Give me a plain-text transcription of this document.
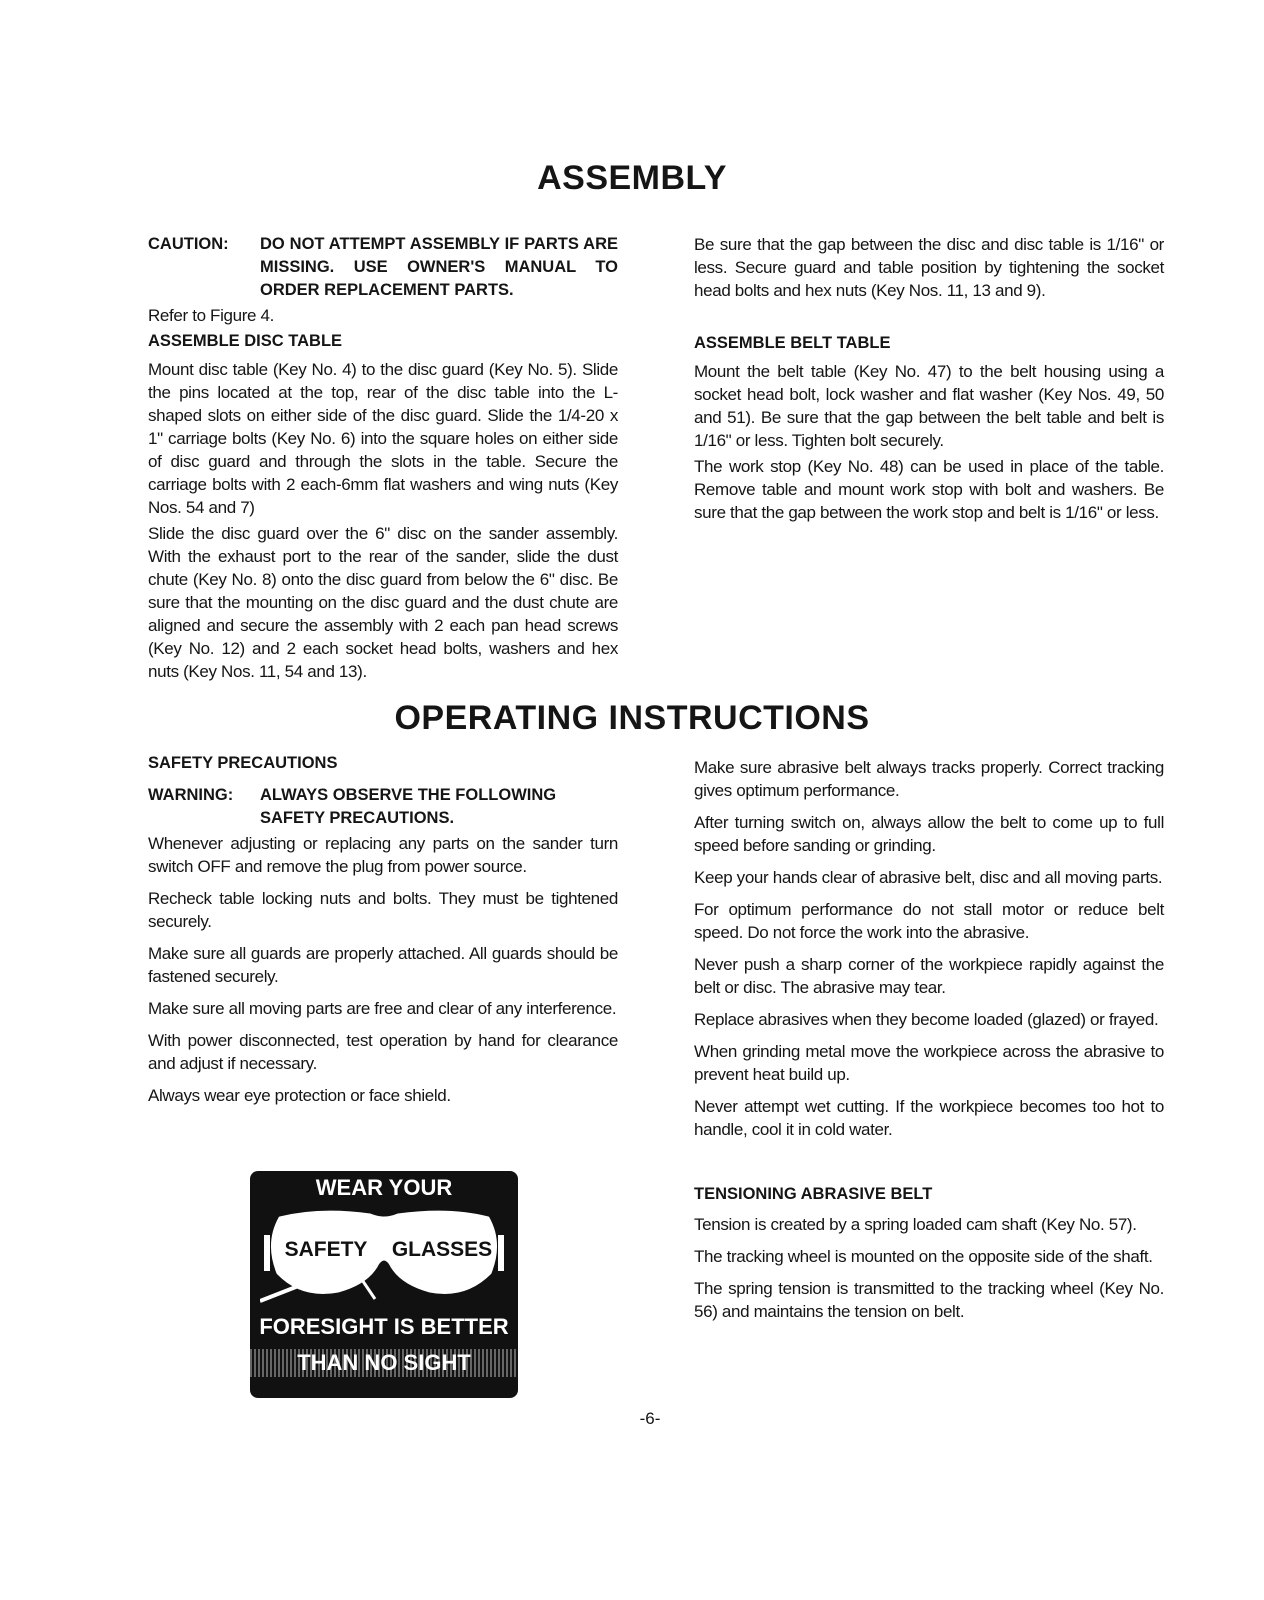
ASSEMBLY
CAUTION:	DO NOT ATTEMPT ASSEMBLY IF PARTS ARE MISSING. USE OWNER'S MANUAL TO ORDER REPLACEMENT PARTS.

Refer to Figure 4.

ASSEMBLE DISC TABLE

Mount disc table (Key No. 4) to the disc guard (Key No. 5). Slide the pins located at the top, rear of the disc table into the L-shaped slots on either side of the disc guard. Slide the 1/4-20 x 1" carriage bolts (Key No. 6) into the square holes on either side of disc guard and through the slots in the table. Secure the carriage bolts with 2 each-6mm flat washers and wing nuts (Key Nos. 54 and 7)

Slide the disc guard over the 6" disc on the sander assembly. With the exhaust port to the rear of the sander, slide the dust chute (Key No. 8) onto the disc guard from below the 6" disc. Be sure that the mounting on the disc guard and the dust chute are aligned and secure the assembly with 2 each pan head screws (Key No. 12) and 2 each socket head bolts, washers and hex nuts (Key Nos. 11, 54 and 13).

Be sure that the gap between the disc and disc table is 1/16" or less. Secure guard and table position by tightening the socket head bolts and hex nuts (Key Nos. 11, 13 and 9).

ASSEMBLE BELT TABLE

Mount the belt table (Key No. 47) to the belt housing using a socket head bolt, lock washer and flat washer (Key Nos. 49, 50 and 51). Be sure that the gap between the belt table and belt is 1/16" or less. Tighten bolt securely.

The work stop (Key No. 48) can be used in place of the table. Remove table and mount work stop with bolt and washers. Be sure that the gap between the work stop and belt is 1/16" or less.

OPERATING INSTRUCTIONS
SAFETY PRECAUTIONS
WARNING:	ALWAYS OBSERVE THE FOLLOWING SAFETY PRECAUTIONS.

Whenever adjusting or replacing any parts on the sander turn switch OFF and remove the plug from power source.

Recheck table locking nuts and bolts. They must be tightened securely.

Make sure all guards are properly attached. All guards should be fastened securely.

Make sure all moving parts are free and clear of any interference.

With power disconnected, test operation by hand for clearance and adjust if necessary.

Always wear eye protection or face shield.

WEAR YOUR
SAFETY	GLASSES
FORESIGHT IS BETTER
THAN NO SIGHT

Make sure abrasive belt always tracks properly. Correct tracking gives optimum performance.

After turning switch on, always allow the belt to come up to full speed before sanding or grinding.

Keep your hands clear of abrasive belt, disc and all moving parts.

For optimum performance do not stall motor or reduce belt speed. Do not force the work into the abrasive.

Never push a sharp corner of the workpiece rapidly against the belt or disc. The abrasive may tear.

Replace abrasives when they become loaded (glazed) or frayed.

When grinding metal move the workpiece across the abrasive to prevent heat build up.

Never attempt wet cutting. If the workpiece becomes too hot to handle, cool it in cold water.

TENSIONING ABRASIVE BELT

Tension is created by a spring loaded cam shaft (Key No. 57).

The tracking wheel is mounted on the opposite side of the shaft.

The spring tension is transmitted to the tracking wheel (Key No. 56) and maintains the tension on belt.

-6-
